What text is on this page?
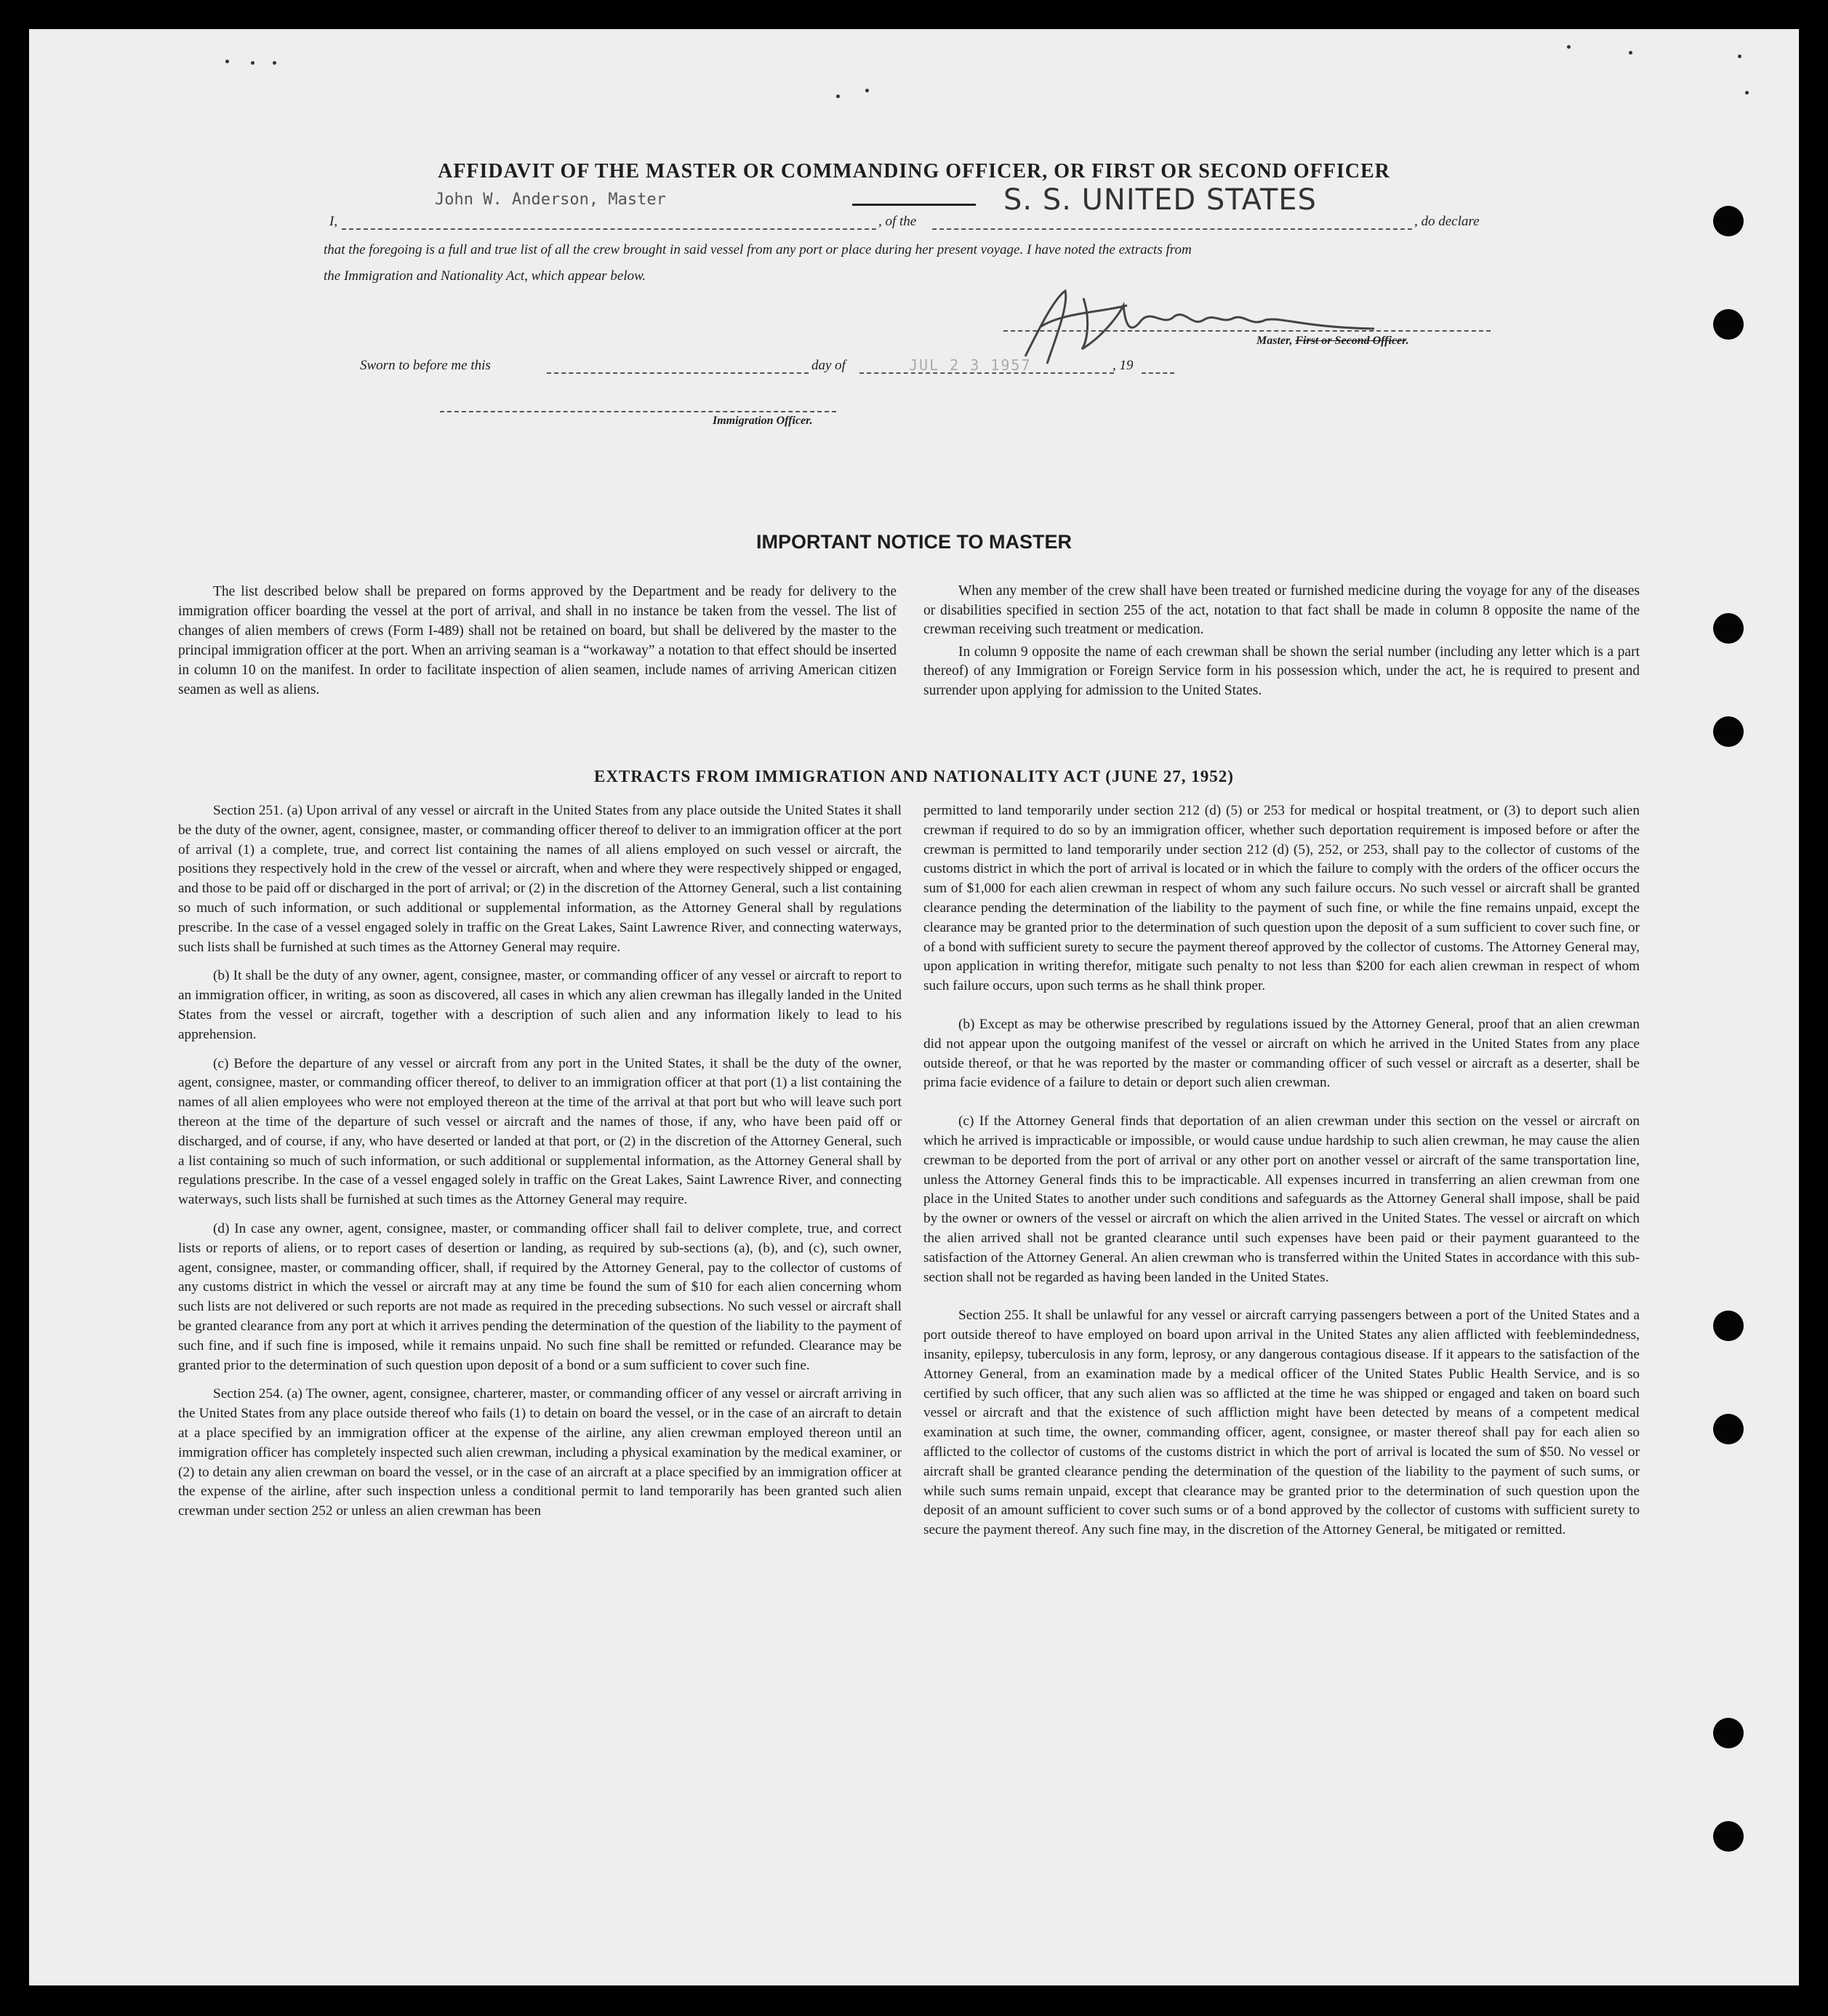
AFFIDAVIT OF THE MASTER OR COMMANDING OFFICER, OR FIRST OR SECOND OFFICER
I,
John W. Anderson, Master
, of the
S. S. UNITED STATES
, do declare
that the foregoing is a full and true list of all the crew brought in said vessel from any port or place during her present voyage. I have noted the extracts from
the Immigration and Nationality Act, which appear below.
Master, First or Second Officer.
Sworn to before me this	day of	JUL 2 3 1957	, 19
Immigration Officer.
IMPORTANT NOTICE TO MASTER

The list described below shall be prepared on forms approved by the Department and be ready for delivery to the immigration officer boarding the vessel at the port of arrival, and shall in no instance be taken from the vessel. The list of changes of alien members of crews (Form I-489) shall not be retained on board, but shall be delivered by the master to the principal immigration officer at the port. When an arriving seaman is a “workaway” a notation to that effect should be inserted in column 10 on the manifest. In order to facilitate inspection of alien seamen, include names of arriving American citizen seamen as well as aliens.

When any member of the crew shall have been treated or furnished medicine during the voyage for any of the diseases or disabilities specified in section 255 of the act, notation to that fact shall be made in column 8 opposite the name of the crewman receiving such treatment or medication.

In column 9 opposite the name of each crewman shall be shown the serial number (including any letter which is a part thereof) of any Immigration or Foreign Service form in his possession which, under the act, he is required to present and surrender upon applying for admission to the United States.

EXTRACTS FROM IMMIGRATION AND NATIONALITY ACT (JUNE 27, 1952)

Section 251. (a) Upon arrival of any vessel or aircraft in the United States from any place outside the United States it shall be the duty of the owner, agent, consignee, master, or commanding officer thereof to deliver to an immigration officer at the port of arrival (1) a complete, true, and correct list containing the names of all aliens employed on such vessel or aircraft, the positions they respectively hold in the crew of the vessel or aircraft, when and where they were respectively shipped or engaged, and those to be paid off or discharged in the port of arrival; or (2) in the discretion of the Attorney General, such a list containing so much of such information, or such additional or supplemental information, as the Attorney General shall by regulations prescribe. In the case of a vessel engaged solely in traffic on the Great Lakes, Saint Lawrence River, and connecting waterways, such lists shall be furnished at such times as the Attorney General may require.

(b) It shall be the duty of any owner, agent, consignee, master, or commanding officer of any vessel or aircraft to report to an immigration officer, in writing, as soon as discovered, all cases in which any alien crewman has illegally landed in the United States from the vessel or aircraft, together with a description of such alien and any information likely to lead to his apprehension.

(c) Before the departure of any vessel or aircraft from any port in the United States, it shall be the duty of the owner, agent, consignee, master, or commanding officer thereof, to deliver to an immigration officer at that port (1) a list containing the names of all alien employees who were not employed thereon at the time of the arrival at that port but who will leave such port thereon at the time of the departure of such vessel or aircraft and the names of those, if any, who have been paid off or discharged, and of course, if any, who have deserted or landed at that port, or (2) in the discretion of the Attorney General, such a list containing so much of such information, or such additional or supplemental information, as the Attorney General shall by regulations prescribe. In the case of a vessel engaged solely in traffic on the Great Lakes, Saint Lawrence River, and connecting waterways, such lists shall be furnished at such times as the Attorney General may require.

(d) In case any owner, agent, consignee, master, or commanding officer shall fail to deliver complete, true, and correct lists or reports of aliens, or to report cases of desertion or landing, as required by sub-sections (a), (b), and (c), such owner, agent, consignee, master, or commanding officer, shall, if required by the Attorney General, pay to the collector of customs of any customs district in which the vessel or aircraft may at any time be found the sum of $10 for each alien concerning whom such lists are not delivered or such reports are not made as required in the preceding subsections. No such vessel or aircraft shall be granted clearance from any port at which it arrives pending the determination of the question of the liability to the payment of such fine, and if such fine is imposed, while it remains unpaid. No such fine shall be remitted or refunded. Clearance may be granted prior to the determination of such question upon deposit of a bond or a sum sufficient to cover such fine.

Section 254. (a) The owner, agent, consignee, charterer, master, or commanding officer of any vessel or aircraft arriving in the United States from any place outside thereof who fails (1) to detain on board the vessel, or in the case of an aircraft to detain at a place specified by an immigration officer at the expense of the airline, any alien crewman employed thereon until an immigration officer has completely inspected such alien crewman, including a physical examination by the medical examiner, or (2) to detain any alien crewman on board the vessel, or in the case of an aircraft at a place specified by an immigration officer at the expense of the airline, after such inspection unless a conditional permit to land temporarily has been granted such alien crewman under section 252 or unless an alien crewman has been

permitted to land temporarily under section 212 (d) (5) or 253 for medical or hospital treatment, or (3) to deport such alien crewman if required to do so by an immigration officer, whether such deportation requirement is imposed before or after the crewman is permitted to land temporarily under section 212 (d) (5), 252, or 253, shall pay to the collector of customs of the customs district in which the port of arrival is located or in which the failure to comply with the orders of the officer occurs the sum of $1,000 for each alien crewman in respect of whom any such failure occurs. No such vessel or aircraft shall be granted clearance pending the determination of the liability to the payment of such fine, or while the fine remains unpaid, except the clearance may be granted prior to the determination of such question upon the deposit of a sum sufficient to cover such fine, or of a bond with sufficient surety to secure the payment thereof approved by the collector of customs. The Attorney General may, upon application in writing therefor, mitigate such penalty to not less than $200 for each alien crewman in respect of whom such failure occurs, upon such terms as he shall think proper.

(b) Except as may be otherwise prescribed by regulations issued by the Attorney General, proof that an alien crewman did not appear upon the outgoing manifest of the vessel or aircraft on which he arrived in the United States from any place outside thereof, or that he was reported by the master or commanding officer of such vessel or aircraft as a deserter, shall be prima facie evidence of a failure to detain or deport such alien crewman.

(c) If the Attorney General finds that deportation of an alien crewman under this section on the vessel or aircraft on which he arrived is impracticable or impossible, or would cause undue hardship to such alien crewman, he may cause the alien crewman to be deported from the port of arrival or any other port on another vessel or aircraft of the same transportation line, unless the Attorney General finds this to be impracticable. All expenses incurred in transferring an alien crewman from one place in the United States to another under such conditions and safeguards as the Attorney General shall impose, shall be paid by the owner or owners of the vessel or aircraft on which the alien arrived in the United States. The vessel or aircraft on which the alien arrived shall not be granted clearance until such expenses have been paid or their payment guaranteed to the satisfaction of the Attorney General. An alien crewman who is transferred within the United States in accordance with this sub-section shall not be regarded as having been landed in the United States.

Section 255. It shall be unlawful for any vessel or aircraft carrying passengers between a port of the United States and a port outside thereof to have employed on board upon arrival in the United States any alien afflicted with feeblemindedness, insanity, epilepsy, tuberculosis in any form, leprosy, or any dangerous contagious disease. If it appears to the satisfaction of the Attorney General, from an examination made by a medical officer of the United States Public Health Service, and is so certified by such officer, that any such alien was so afflicted at the time he was shipped or engaged and taken on board such vessel or aircraft and that the existence of such affliction might have been detected by means of a competent medical examination at such time, the owner, commanding officer, agent, consignee, or master thereof shall pay for each alien so afflicted to the collector of customs of the customs district in which the port of arrival is located the sum of $50. No vessel or aircraft shall be granted clearance pending the determination of the question of the liability to the payment of such sums, or while such sums remain unpaid, except that clearance may be granted prior to the determination of such question upon the deposit of an amount sufficient to cover such sums or of a bond approved by the collector of customs with sufficient surety to secure the payment thereof. Any such fine may, in the discretion of the Attorney General, be mitigated or remitted.
